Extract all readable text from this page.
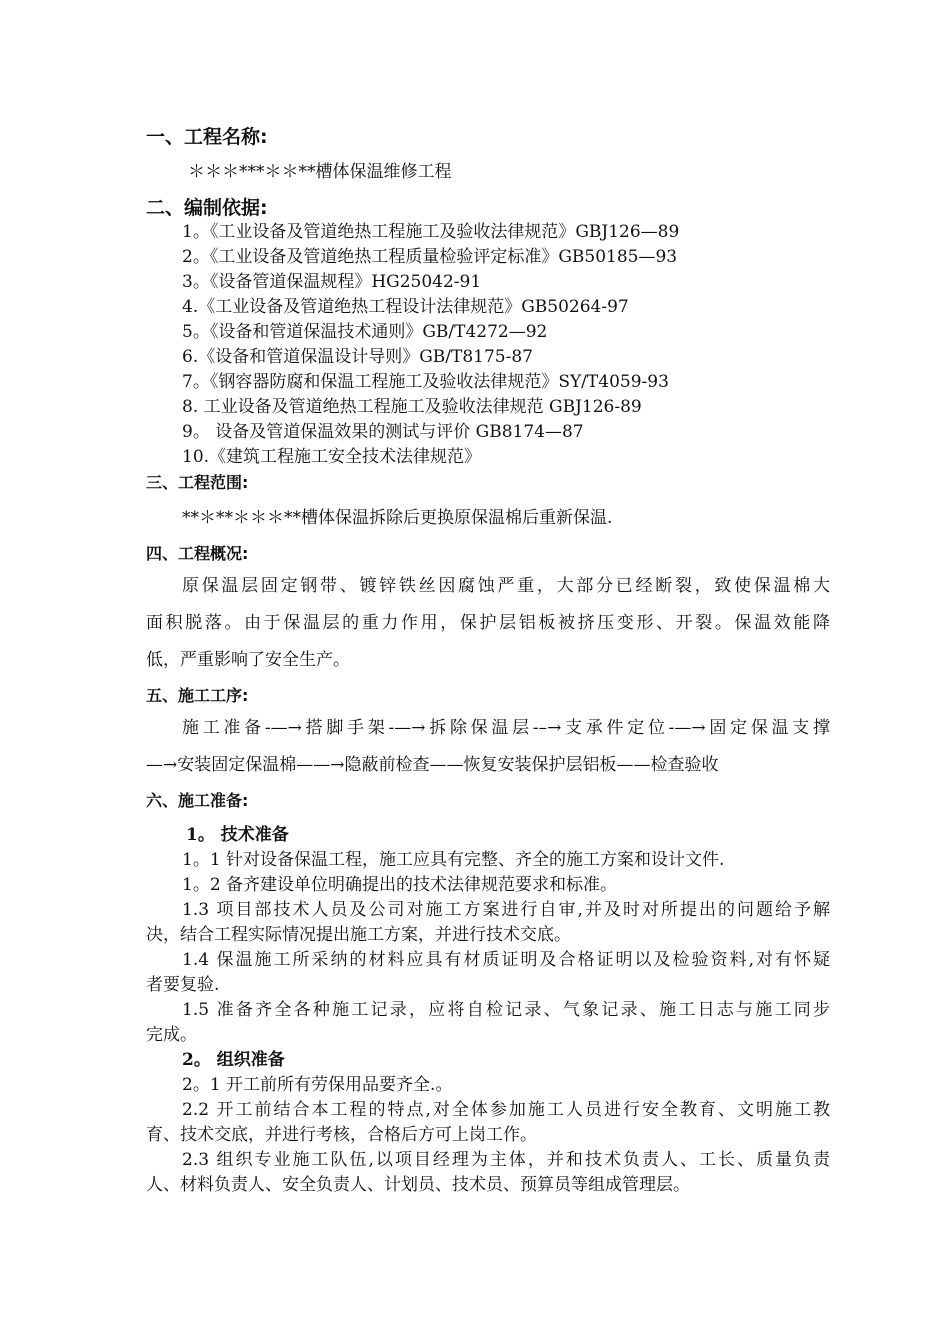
一、工程名称:
＊＊＊***＊＊**槽体保温维修工程
二、编制依据:
1。《工业设备及管道绝热工程施工及验收法律规范》GBJ126—89
2。《工业设备及管道绝热工程质量检验评定标准》GB50185—93
3。《设备管道保温规程》HG25042-91
4.《工业设备及管道绝热工程设计法律规范》GB50264-97
5。《设备和管道保温技术通则》GB/T4272—92
6.《设备和管道保温设计导则》GB/T8175-87
7。《钢容器防腐和保温工程施工及验收法律规范》SY/T4059-93
8. 工业设备及管道绝热工程施工及验收法律规范 GBJ126-89
9。 设备及管道保温效果的测试与评价 GB8174—87
10.《建筑工程施工安全技术法律规范》
三、工程范围:
**＊**＊＊＊**槽体保温拆除后更换原保温棉后重新保温.
四、工程概况:
原保温层固定钢带、镀锌铁丝因腐蚀严重，大部分已经断裂，致使保温棉大
面积脱落。由于保温层的重力作用，保护层铝板被挤压变形、开裂。保温效能降
低，严重影响了安全生产。
五、施工工序:
施工准备-—→搭脚手架-—→拆除保温层-–→支承件定位-—→固定保温支撑
—→安装固定保温棉——→隐蔽前检查——恢复安装保护层铝板——检查验收
六、施工准备:
1。 技术准备
1。1 针对设备保温工程，施工应具有完整、齐全的施工方案和设计文件.
1。2 备齐建设单位明确提出的技术法律规范要求和标准。
1.3 项目部技术人员及公司对施工方案进行自审,并及时对所提出的问题给予解
决，结合工程实际情况提出施工方案，并进行技术交底。
1.4 保温施工所采纳的材料应具有材质证明及合格证明以及检验资料,对有怀疑
者要复验.
1.5 准备齐全各种施工记录，应将自检记录、气象记录、施工日志与施工同步
完成。
2。 组织准备
2。1 开工前所有劳保用品要齐全.。
2.2 开工前结合本工程的特点,对全体参加施工人员进行安全教育、文明施工教
育、技术交底，并进行考核，合格后方可上岗工作。
2.3 组织专业施工队伍,以项目经理为主体，并和技术负责人、工长、质量负责
人、材料负责人、安全负责人、计划员、技术员、预算员等组成管理层。
